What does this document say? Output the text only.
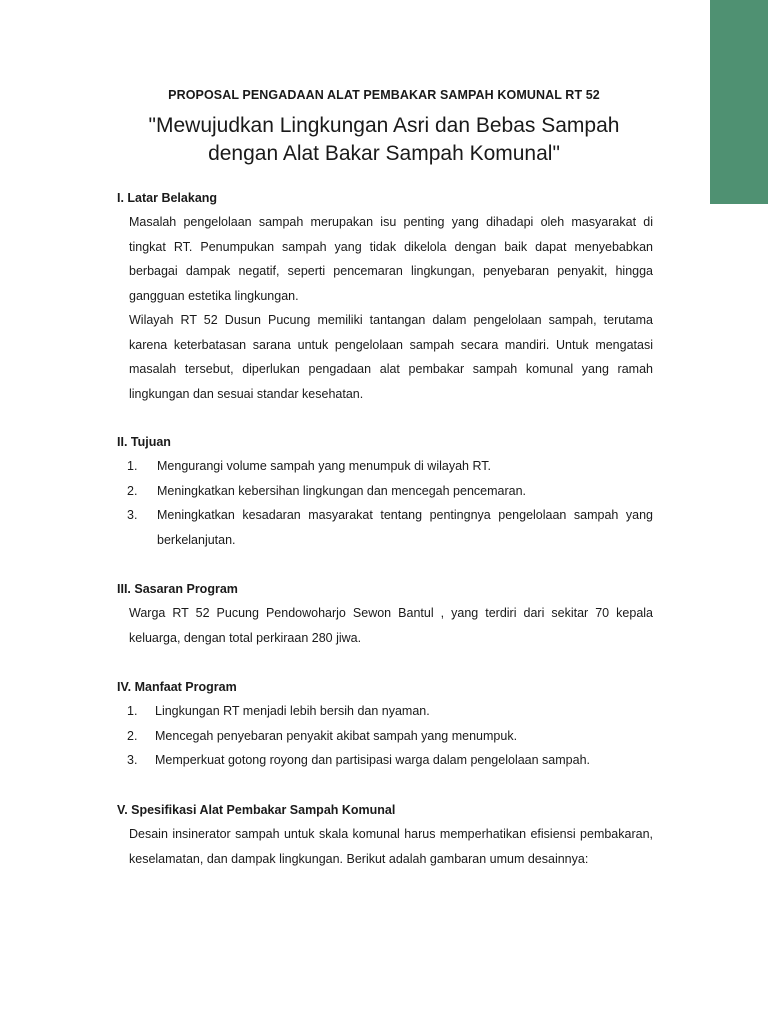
PROPOSAL PENGADAAN ALAT PEMBAKAR SAMPAH KOMUNAL RT 52
"Mewujudkan Lingkungan Asri dan Bebas Sampah
dengan Alat Bakar Sampah Komunal"
I. Latar Belakang
Masalah pengelolaan sampah merupakan isu penting yang dihadapi oleh masyarakat di tingkat RT. Penumpukan sampah yang tidak dikelola dengan baik dapat menyebabkan berbagai dampak negatif, seperti pencemaran lingkungan, penyebaran penyakit, hingga gangguan estetika lingkungan.
Wilayah RT 52 Dusun Pucung memiliki tantangan dalam pengelolaan sampah, terutama karena keterbatasan sarana untuk pengelolaan sampah secara mandiri. Untuk mengatasi masalah tersebut, diperlukan pengadaan alat pembakar sampah komunal yang ramah lingkungan dan sesuai standar kesehatan.
II. Tujuan
1. Mengurangi volume sampah yang menumpuk di wilayah RT.
2. Meningkatkan kebersihan lingkungan dan mencegah pencemaran.
3. Meningkatkan kesadaran masyarakat tentang pentingnya pengelolaan sampah yang berkelanjutan.
III. Sasaran Program
Warga RT 52 Pucung Pendowoharjo Sewon Bantul , yang terdiri dari sekitar 70 kepala keluarga, dengan total perkiraan 280 jiwa.
IV. Manfaat Program
1. Lingkungan RT menjadi lebih bersih dan nyaman.
2. Mencegah penyebaran penyakit akibat sampah yang menumpuk.
3. Memperkuat gotong royong dan partisipasi warga dalam pengelolaan sampah.
V. Spesifikasi Alat Pembakar Sampah Komunal
Desain insinerator sampah untuk skala komunal harus memperhatikan efisiensi pembakaran, keselamatan, dan dampak lingkungan. Berikut adalah gambaran umum desainnya:
